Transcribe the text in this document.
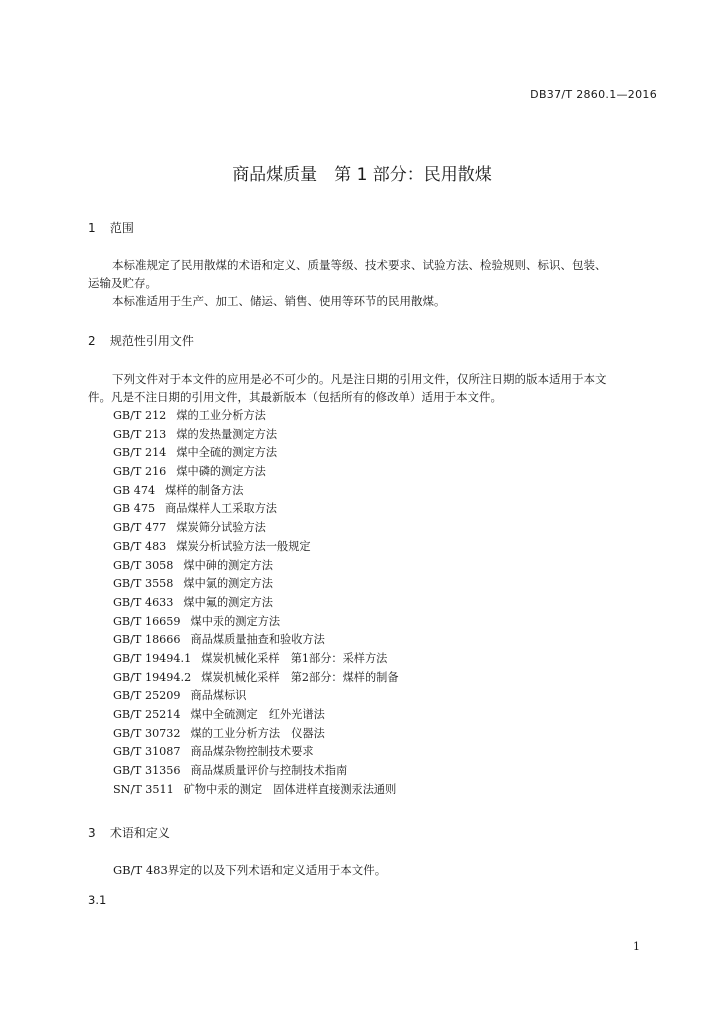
DB37/T 2860.1—2016
商品煤质量　第 1 部分：民用散煤
1 范围
本标准规定了民用散煤的术语和定义、质量等级、技术要求、试验方法、检验规则、标识、包装、
运输及贮存。
本标准适用于生产、加工、储运、销售、使用等环节的民用散煤。
2 规范性引用文件
下列文件对于本文件的应用是必不可少的。凡是注日期的引用文件，仅所注日期的版本适用于本文
件。凡是不注日期的引用文件，其最新版本（包括所有的修改单）适用于本文件。
GB/T 212 煤的工业分析方法
GB/T 213 煤的发热量测定方法
GB/T 214 煤中全硫的测定方法
GB/T 216 煤中磷的测定方法
GB 474 煤样的制备方法
GB 475 商品煤样人工采取方法
GB/T 477 煤炭筛分试验方法
GB/T 483 煤炭分析试验方法一般规定
GB/T 3058 煤中砷的测定方法
GB/T 3558 煤中氯的测定方法
GB/T 4633 煤中氟的测定方法
GB/T 16659 煤中汞的测定方法
GB/T 18666 商品煤质量抽查和验收方法
GB/T 19494.1 煤炭机械化采样　第1部分：采样方法
GB/T 19494.2 煤炭机械化采样　第2部分：煤样的制备
GB/T 25209 商品煤标识
GB/T 25214 煤中全硫测定　红外光谱法
GB/T 30732 煤的工业分析方法　仪器法
GB/T 31087 商品煤杂物控制技术要求
GB/T 31356 商品煤质量评价与控制技术指南
SN/T 3511 矿物中汞的测定　固体进样直接测汞法通则
3 术语和定义
GB/T 483界定的以及下列术语和定义适用于本文件。
3.1
1
